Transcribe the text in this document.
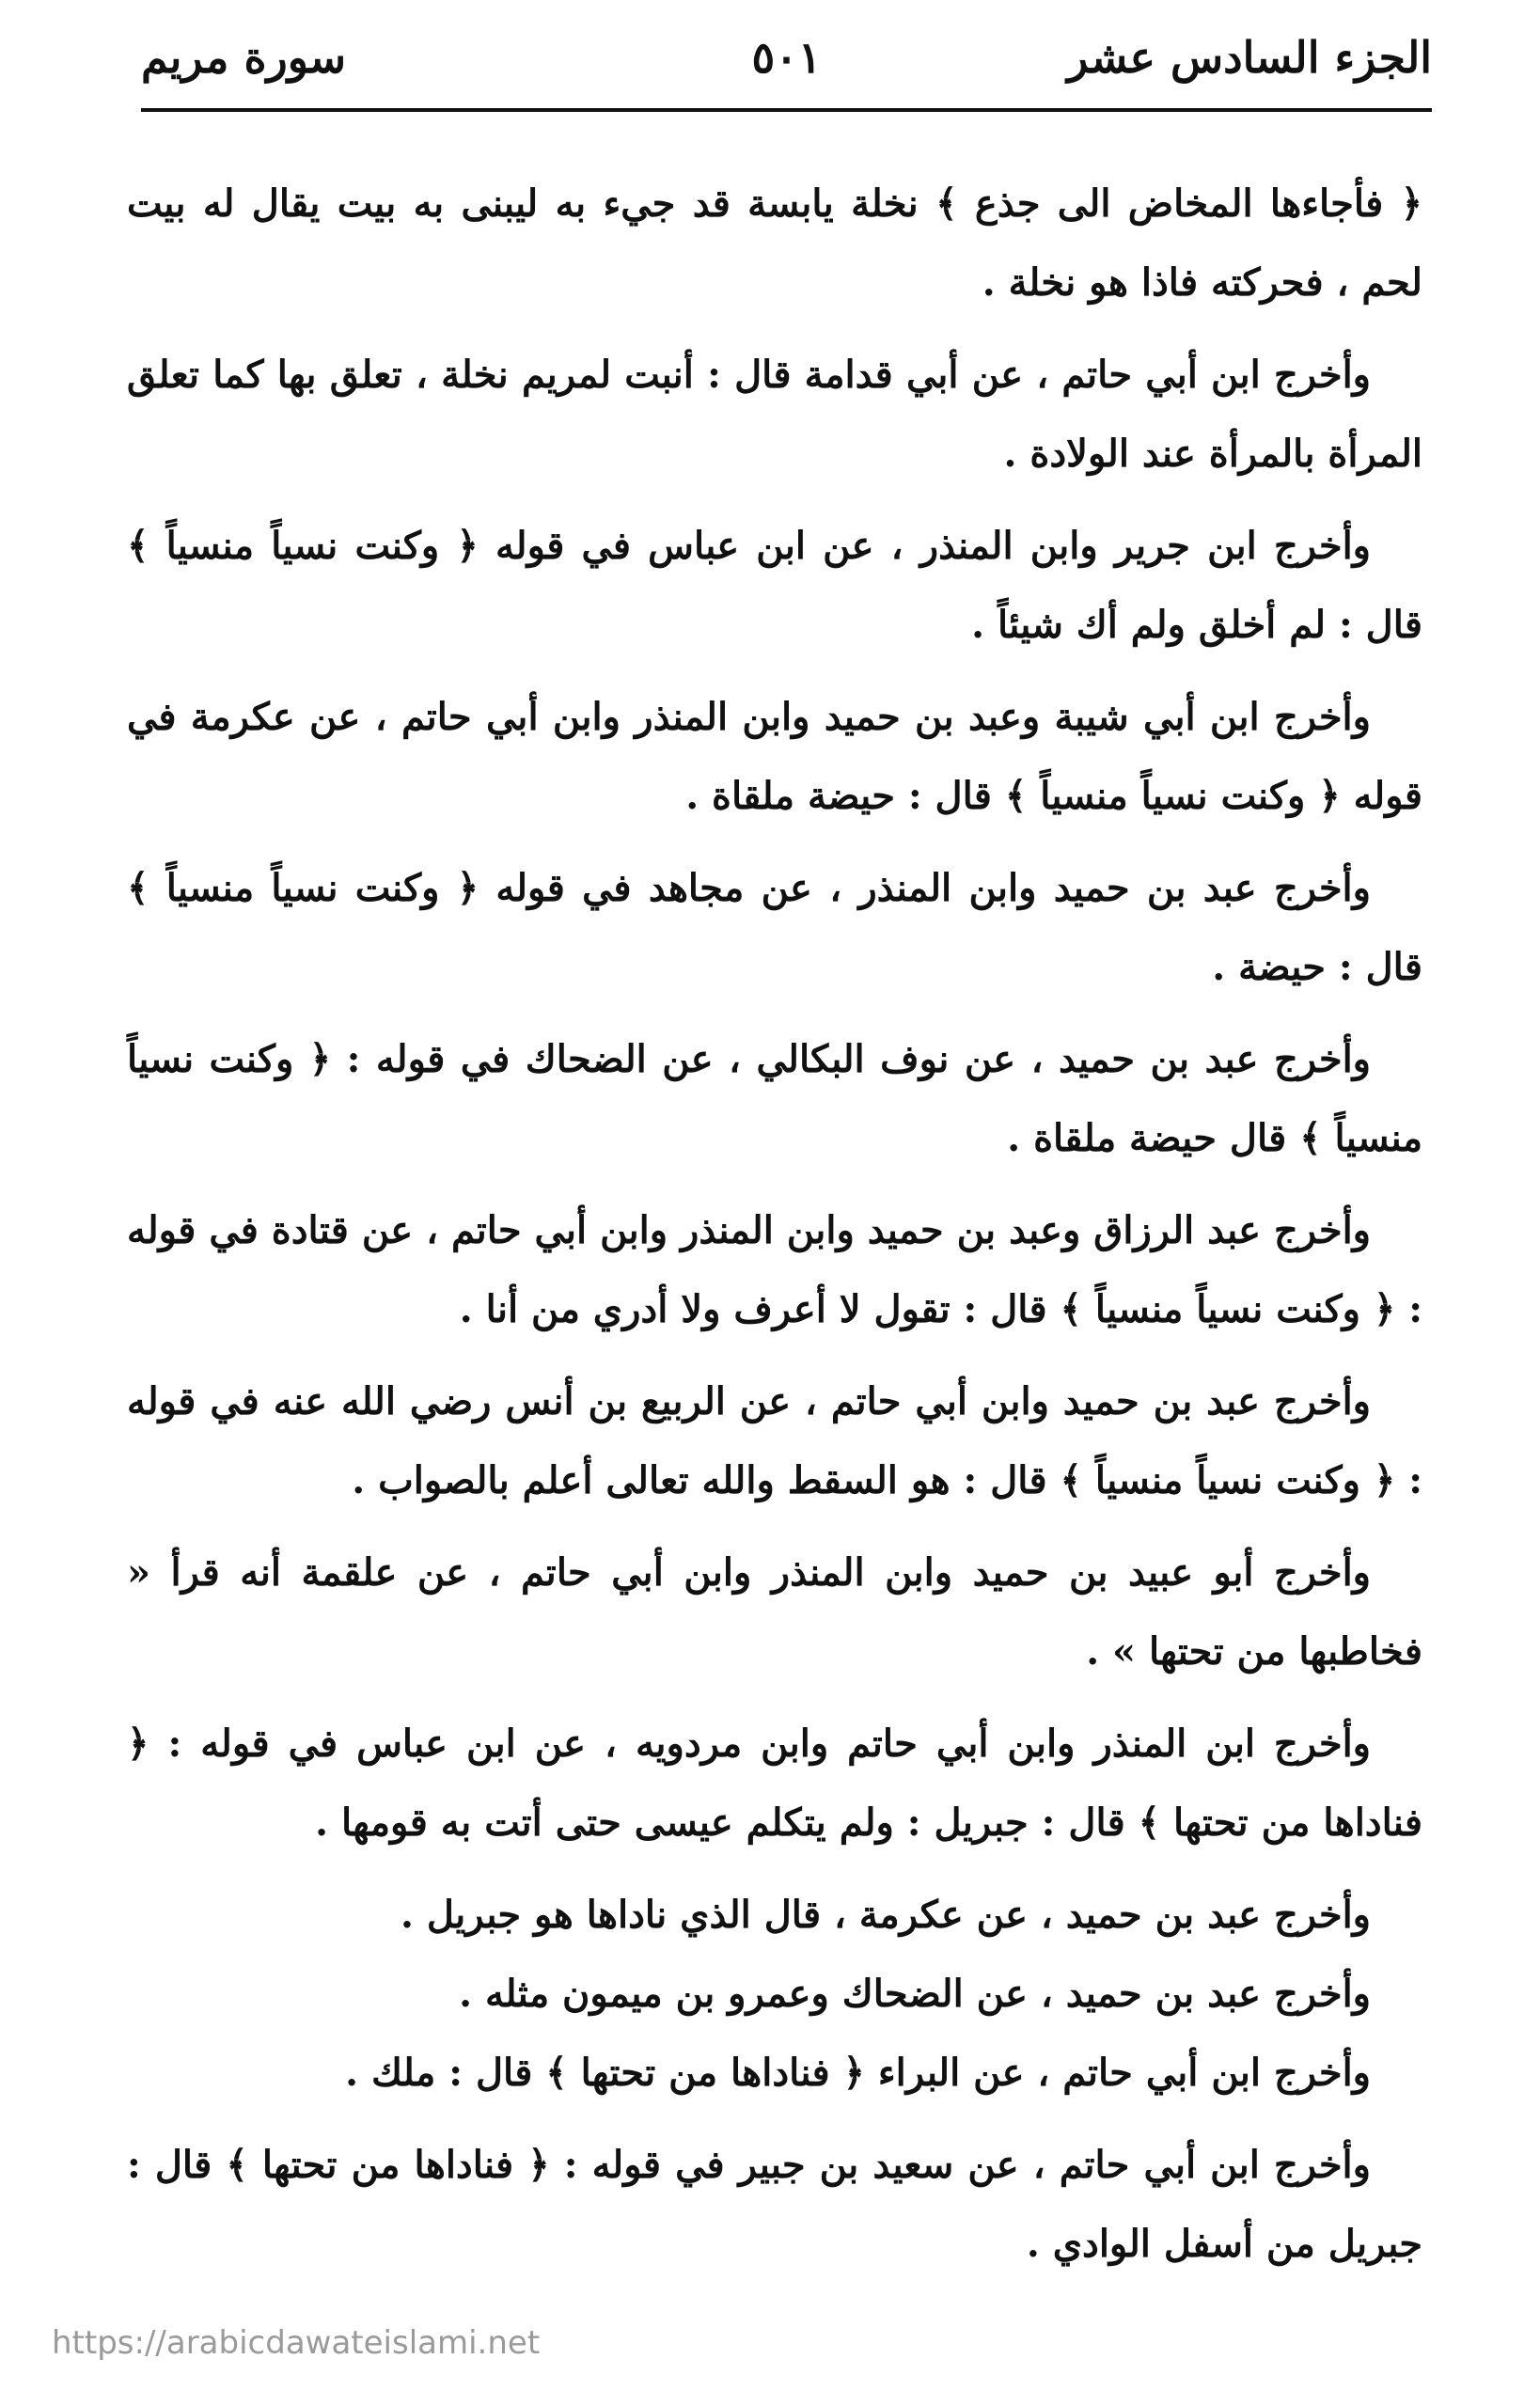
الجزء السادس عشر
٥٠١
سورة مريم

﴿ فأجاءها المخاض الى جذع ﴾ نخلة يابسة قد جيء به ليبنى به بيت يقال له بيت لحم ، فحركته فاذا هو نخلة .

وأخرج ابن أبي حاتم ، عن أبي قدامة قال : أنبت لمريم نخلة ، تعلق بها كما تعلق المرأة بالمرأة عند الولادة .

وأخرج ابن جرير وابن المنذر ، عن ابن عباس في قوله ﴿ وكنت نسياً منسياً ﴾ قال : لم أخلق ولم أك شيئاً .

وأخرج ابن أبي شيبة وعبد بن حميد وابن المنذر وابن أبي حاتم ، عن عكرمة في قوله ﴿ وكنت نسياً منسياً ﴾ قال : حيضة ملقاة .

وأخرج عبد بن حميد وابن المنذر ، عن مجاهد في قوله ﴿ وكنت نسياً منسياً ﴾ قال : حيضة .

وأخرج عبد بن حميد ، عن نوف البكالي ، عن الضحاك في قوله : ﴿ وكنت نسياً منسياً ﴾ قال حيضة ملقاة .

وأخرج عبد الرزاق وعبد بن حميد وابن المنذر وابن أبي حاتم ، عن قتادة في قوله : ﴿ وكنت نسياً منسياً ﴾ قال : تقول لا أعرف ولا أدري من أنا .

وأخرج عبد بن حميد وابن أبي حاتم ، عن الربيع بن أنس رضي الله عنه في قوله : ﴿ وكنت نسياً منسياً ﴾ قال : هو السقط والله تعالى أعلم بالصواب .

وأخرج أبو عبيد بن حميد وابن المنذر وابن أبي حاتم ، عن علقمة أنه قرأ « فخاطبها من تحتها » .

وأخرج ابن المنذر وابن أبي حاتم وابن مردويه ، عن ابن عباس في قوله : ﴿ فناداها من تحتها ﴾ قال : جبريل : ولم يتكلم عيسى حتى أتت به قومها .

وأخرج عبد بن حميد ، عن عكرمة ، قال الذي ناداها هو جبريل .

وأخرج عبد بن حميد ، عن الضحاك وعمرو بن ميمون مثله .

وأخرج ابن أبي حاتم ، عن البراء ﴿ فناداها من تحتها ﴾ قال : ملك .

وأخرج ابن أبي حاتم ، عن سعيد بن جبير في قوله : ﴿ فناداها من تحتها ﴾ قال : جبريل من أسفل الوادي .

https://arabicdawateislami.net
